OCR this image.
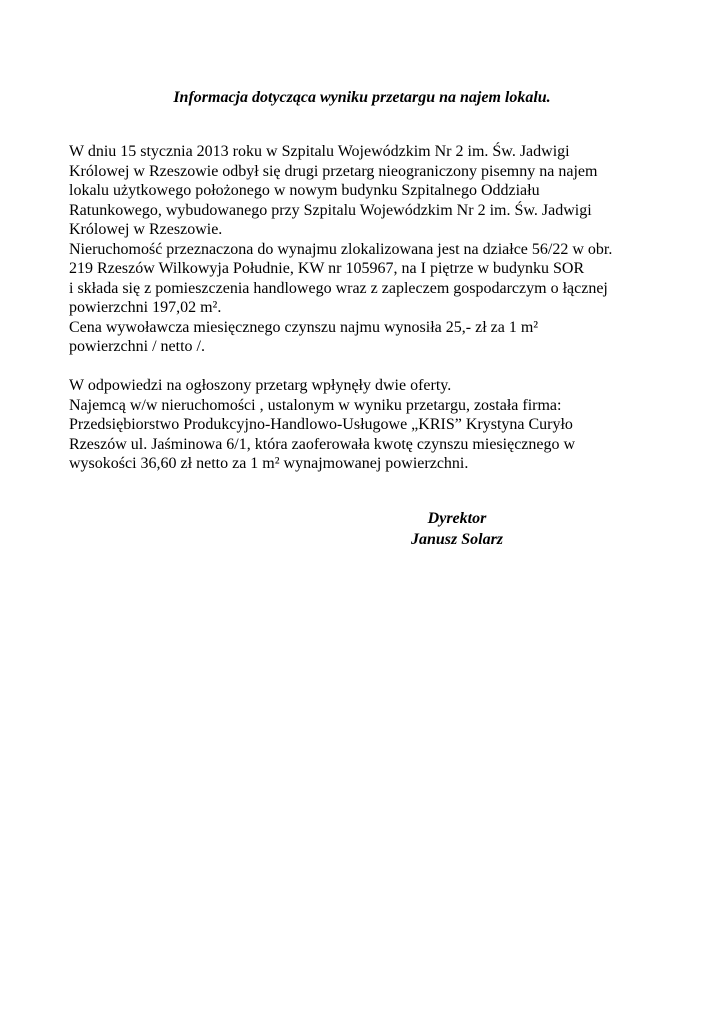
Informacja dotycząca wyniku przetargu na najem lokalu.
W dniu 15 stycznia 2013 roku w Szpitalu Wojewódzkim Nr 2 im. Św. Jadwigi
Królowej w Rzeszowie odbył się drugi przetarg nieograniczony pisemny na najem
lokalu użytkowego położonego w nowym budynku Szpitalnego Oddziału
Ratunkowego, wybudowanego przy Szpitalu Wojewódzkim Nr 2 im. Św. Jadwigi
Królowej w Rzeszowie.
Nieruchomość przeznaczona do wynajmu zlokalizowana jest na działce 56/22 w obr.
219 Rzeszów Wilkowyja Południe, KW nr 105967, na I piętrze w budynku SOR
i składa się z pomieszczenia handlowego wraz z zapleczem gospodarczym o łącznej
powierzchni 197,02 m².
Cena wywoławcza miesięcznego czynszu najmu wynosiła 25,- zł za 1 m²
powierzchni / netto /.
W odpowiedzi na ogłoszony przetarg wpłynęły dwie oferty.
Najemcą w/w nieruchomości , ustalonym w wyniku przetargu, została firma:
Przedsiębiorstwo Produkcyjno-Handlowo-Usługowe „KRIS” Krystyna Curyło
Rzeszów ul. Jaśminowa 6/1, która zaoferowała kwotę czynszu miesięcznego w
wysokości 36,60 zł netto za 1 m² wynajmowanej powierzchni.
Dyrektor
Janusz Solarz
